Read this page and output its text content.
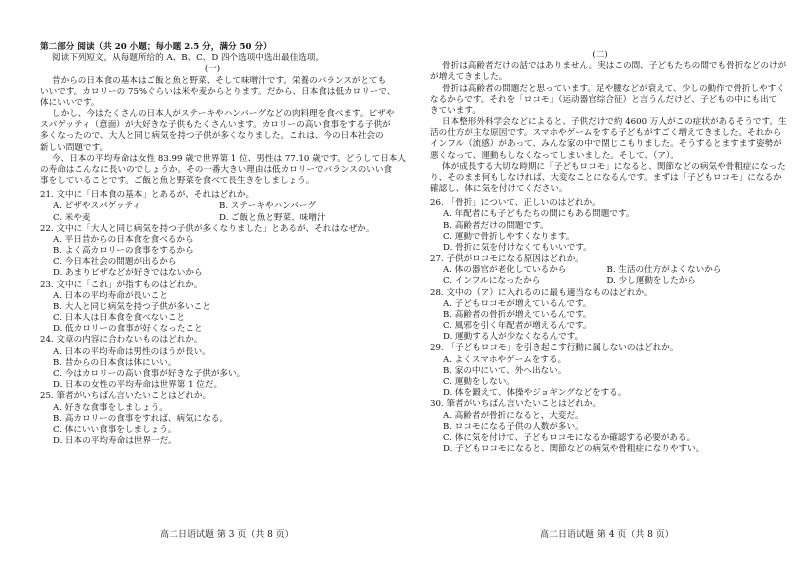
第二部分 阅读（共 20 小题；每小题 2.5 分，满分 50 分）

阅读下列短文，从每题所给的 A、B、C、D 四个选项中选出最佳选项。

(一)

昔からの日本食の基本はご飯と魚と野菜、そして味噌汁です。栄養のバランスがとても

いいです。カロリーの 75%ぐらいは米や麦からとります。だから、日本食は低カロリーで、

体にいいです。

しかし、今はたくさんの日本人がステーキやハンバーグなどの肉料理を食べます。ピザや

スパゲッティ（意面）が大好きな子供もたくさんいます。カロリーの高い食事をする子供が

多くなったので、大人と同じ病気を持つ子供が多くなりました。これは、今の日本社会の

新しい問題です。

今、日本の平均寿命は女性 83.99 歳で世界第 1 位、男性は 77.10 歳です。どうして日本人

の寿命はこんなに長いのでしょうか。その一番大きい理由は低カロリーでバランスのいい食

事をしていることです。ご飯と魚と野菜を食べて長生きをしましょう。

21. 文中に「日本食の基本」とあるが、それはどれか。

A. ピザやスパゲッティ	B. ステーキやハンバーグ
C. 米や麦	D. ご飯と魚と野菜、味噌汁

22. 文中に「大人と同じ病気を持つ子供が多くなりました」とあるが、それはなぜか。

A. 平日昔からの日本食を食べるから

B. よく高カロリーの食事をするから

C. 今日本社会の問題が出るから

D. あまりピザなどが好きではないから

23. 文中に「これ」が指すものはどれか。

A. 日本の平均寿命が長いこと

B. 大人と同じ病気を持つ子供が多いこと

C. 日本人は日本食を食べないこと

D. 低カロリーの食事が好くなったこと

24. 文章の内容に合わないものはどれか。

A. 日本の平均寿命は男性のほうが長い。

B. 昔からの日本食は体にいい。

C. 今はカロリーの高い食事が好きな子供が多い。

D. 日本の女性の平均寿命は世界第 1 位だ。

25. 筆者がいちばん言いたいことはどれか。

A. 好きな食事をしましょう。

B. 高カロリーの食事をすれば、病気になる。

C. 体にいい食事をしましょう。

D. 日本の平均寿命は世界一だ。

高二日语试题 第 3 页（共 8 页）

(二)

骨折は高齢者だけの話ではありません。実はこの間、子どもたちの間でも骨折などのけが

が増えてきました。

骨折は高齢者の問題だと思っています。足や腰などが衰えて、少しの動作で骨折しやすく

なるからです。それを「ロコモ」（运动器官综合征）と言うんだけど、子どもの中にも出て

きています。

日本整形外科学会などによると、子供だけで約 4600 万人がこの症状があるそうです。生

活の仕方が主な原因です。スマホやゲームをする子どもがすごく増えてきました。それから

インフル（流感）があって、みんな家の中で閉じこもりました。そうするとますます姿勢が

悪くなって、運動もしなくなってしまいました。そして、（ア）。

体が成長する大切な時期に「子どもロコモ」になると、関節などの病気や骨粗症になった

り、そのまま何もしなければ、大変なことになるんです。まずは「子どもロコモ」になるか

確認し、体に気を付けてください。

26. 「骨折」について、正しいのはどれか。

A. 年配者にも子どもたちの間にもある問題です。

B. 高齢者だけの問題です。

C. 運動で骨折しやすくなります。

D. 骨折に気を付けなくてもいいです。

27. 子供がロコモになる原因はどれか。

A. 体の器官が老化しているから	B. 生活の仕方がよくないから
C. インフルになったから	D. 少し運動をしたから

28. 文中の（ア）に入れるのに最も適当なものはどれか。

A. 子どもロコモが増えているんです。

B. 高齢者の骨折が増えているんです。

C. 風邪を引く年配者が増えるんです。

D. 運動する人が少なくなるんです。

29. 「子どもロコモ」を引き起こす行動に属しないのはどれか。

A. よくスマホやゲームをする。

B. 家の中にいて、外へ出ない。

C. 運動をしない。

D. 体を鍛えて、体操やジョギングなどをする。

30. 筆者がいちばん言いたいことはどれか。

A. 高齢者が骨折になると、大変だ。

B. ロコモになる子供の人数が多い。

C. 体に気を付けて、子どもロコモになるか確認する必要がある。

D. 子どもロコモになると、関節などの病気や骨粗症になりやすい。

高二日语试题 第 4 页（共 8 页）
